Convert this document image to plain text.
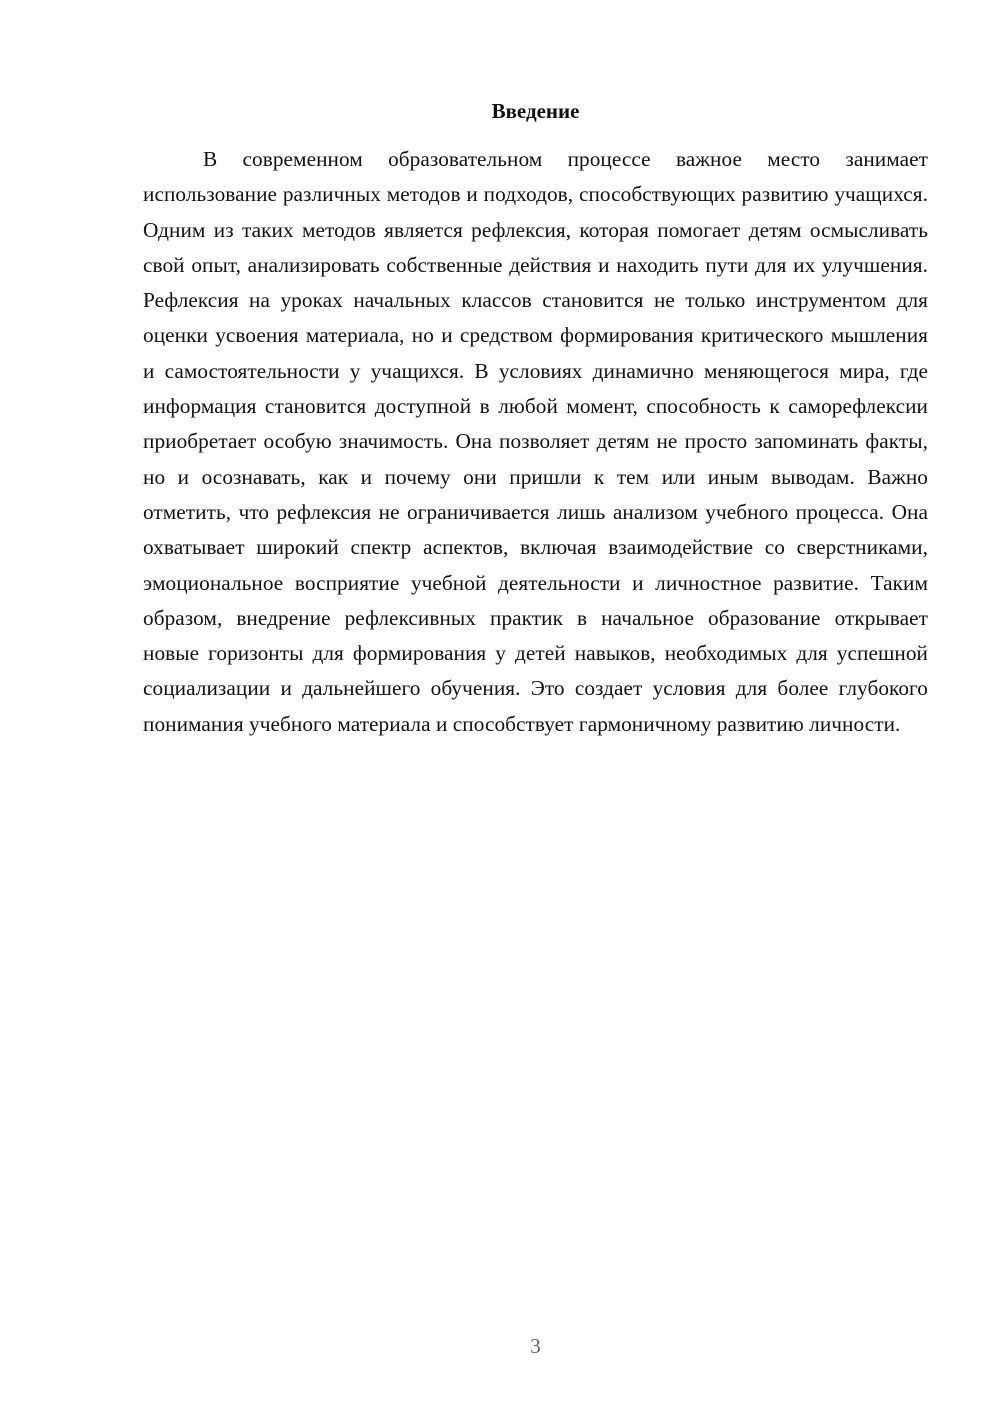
Введение

В современном образовательном процессе важное место занимает использование различных методов и подходов, способствующих развитию учащихся. Одним из таких методов является рефлексия, которая помогает детям осмысливать свой опыт, анализировать собственные действия и находить пути для их улучшения. Рефлексия на уроках начальных классов становится не только инструментом для оценки усвоения материала, но и средством формирования критического мышления и самостоятельности у учащихся. В условиях динамично меняющегося мира, где информация становится доступной в любой момент, способность к саморефлексии приобретает особую значимость. Она позволяет детям не просто запоминать факты, но и осознавать, как и почему они пришли к тем или иным выводам. Важно отметить, что рефлексия не ограничивается лишь анализом учебного процесса. Она охватывает широкий спектр аспектов, включая взаимодействие со сверстниками, эмоциональное восприятие учебной деятельности и личностное развитие. Таким образом, внедрение рефлексивных практик в начальное образование открывает новые горизонты для формирования у детей навыков, необходимых для успешной социализации и дальнейшего обучения. Это создает условия для более глубокого понимания учебного материала и способствует гармоничному развитию личности.

3
